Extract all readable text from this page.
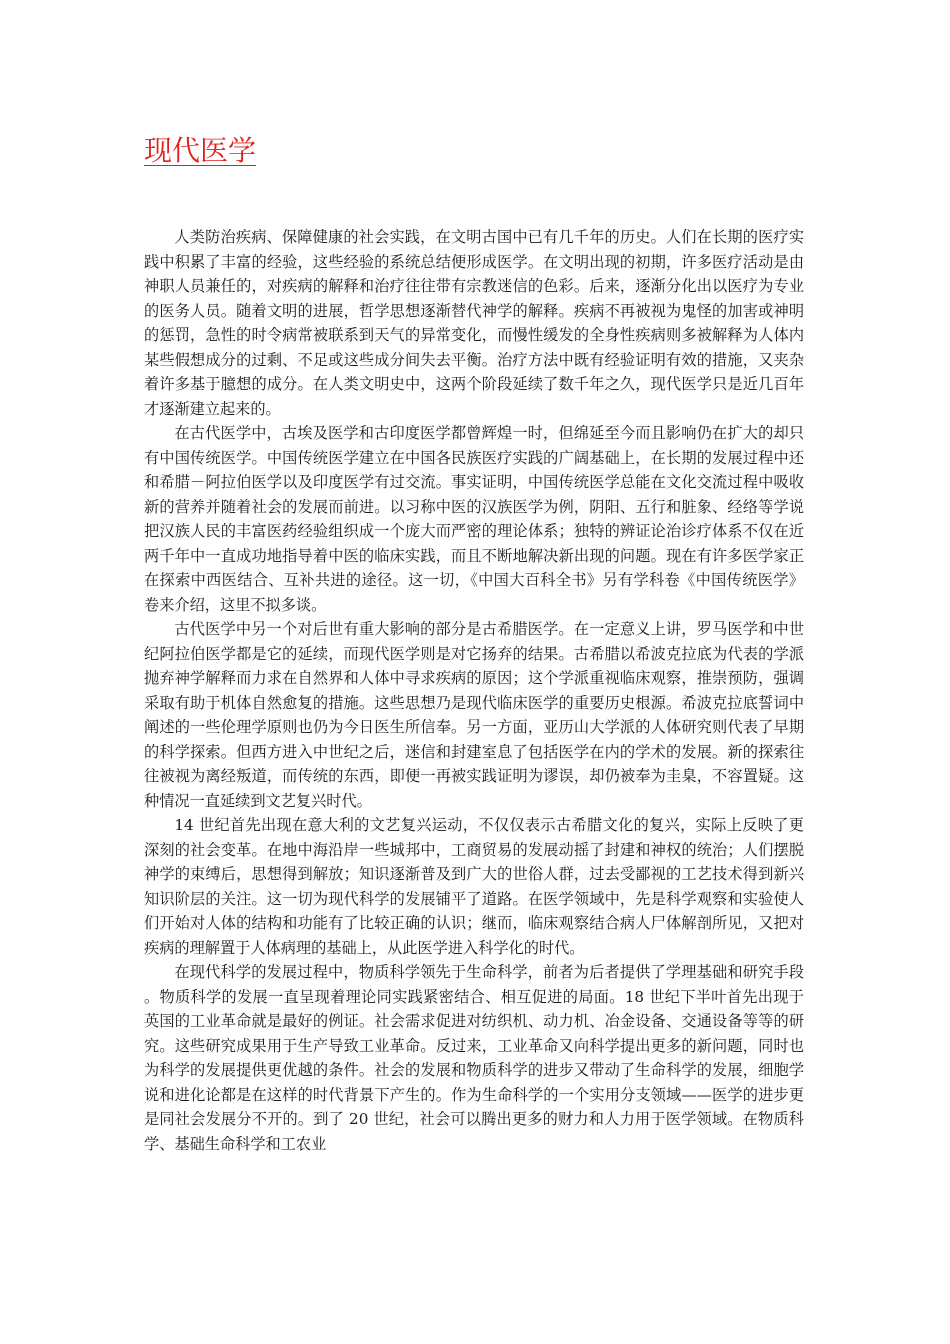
现代医学

人类防治疾病、保障健康的社会实践，在文明古国中已有几千年的历史。人们在长期的医疗实践中积累了丰富的经验，这些经验的系统总结便形成医学。在文明出现的初期，许多医疗活动是由神职人员兼任的，对疾病的解释和治疗往往带有宗教迷信的色彩。后来，逐渐分化出以医疗为专业的医务人员。随着文明的进展，哲学思想逐渐替代神学的解释。疾病不再被视为鬼怪的加害或神明的惩罚，急性的时令病常被联系到天气的异常变化，而慢性缓发的全身性疾病则多被解释为人体内某些假想成分的过剩、不足或这些成分间失去平衡。治疗方法中既有经验证明有效的措施，又夹杂着许多基于臆想的成分。在人类文明史中，这两个阶段延续了数千年之久，现代医学只是近几百年才逐渐建立起来的。

在古代医学中，古埃及医学和古印度医学都曾辉煌一时，但绵延至今而且影响仍在扩大的却只有中国传统医学。中国传统医学建立在中国各民族医疗实践的广阔基础上，在长期的发展过程中还和希腊－阿拉伯医学以及印度医学有过交流。事实证明，中国传统医学总能在文化交流过程中吸收新的营养并随着社会的发展而前进。以习称中医的汉族医学为例，阴阳、五行和脏象、经络等学说把汉族人民的丰富医药经验组织成一个庞大而严密的理论体系；独特的辨证论治诊疗体系不仅在近两千年中一直成功地指导着中医的临床实践，而且不断地解决新出现的问题。现在有许多医学家正在探索中西医结合、互补共进的途径。这一切，《中国大百科全书》另有学科卷《中国传统医学》卷来介绍，这里不拟多谈。

古代医学中另一个对后世有重大影响的部分是古希腊医学。在一定意义上讲，罗马医学和中世纪阿拉伯医学都是它的延续，而现代医学则是对它扬弃的结果。古希腊以希波克拉底为代表的学派抛弃神学解释而力求在自然界和人体中寻求疾病的原因；这个学派重视临床观察，推崇预防，强调采取有助于机体自然愈复的措施。这些思想乃是现代临床医学的重要历史根源。希波克拉底誓词中阐述的一些伦理学原则也仍为今日医生所信奉。另一方面，亚历山大学派的人体研究则代表了早期的科学探索。但西方进入中世纪之后，迷信和封建室息了包括医学在内的学术的发展。新的探索往往被视为离经叛道，而传统的东西，即便一再被实践证明为谬误，却仍被奉为圭臬，不容置疑。这种情况一直延续到文艺复兴时代。

14 世纪首先出现在意大利的文艺复兴运动，不仅仅表示古希腊文化的复兴，实际上反映了更深刻的社会变革。在地中海沿岸一些城邦中，工商贸易的发展动摇了封建和神权的统治；人们摆脱神学的束缚后，思想得到解放；知识逐渐普及到广大的世俗人群，过去受鄙视的工艺技术得到新兴知识阶层的关注。这一切为现代科学的发展铺平了道路。在医学领域中，先是科学观察和实验使人们开始对人体的结构和功能有了比较正确的认识；继而，临床观察结合病人尸体解剖所见，又把对疾病的理解置于人体病理的基础上，从此医学进入科学化的时代。

在现代科学的发展过程中，物质科学领先于生命科学，前者为后者提供了学理基础和研究手段。物质科学的发展一直呈现着理论同实践紧密结合、相互促进的局面。18 世纪下半叶首先出现于英国的工业革命就是最好的例证。社会需求促进对纺织机、动力机、冶金设备、交通设备等等的研究。这些研究成果用于生产导致工业革命。反过来，工业革命又向科学提出更多的新问题，同时也为科学的发展提供更优越的条件。社会的发展和物质科学的进步又带动了生命科学的发展，细胞学说和进化论都是在这样的时代背景下产生的。作为生命科学的一个实用分支领域——医学的进步更是同社会发展分不开的。到了 20 世纪，社会可以腾出更多的财力和人力用于医学领域。在物质科学、基础生命科学和工农业
